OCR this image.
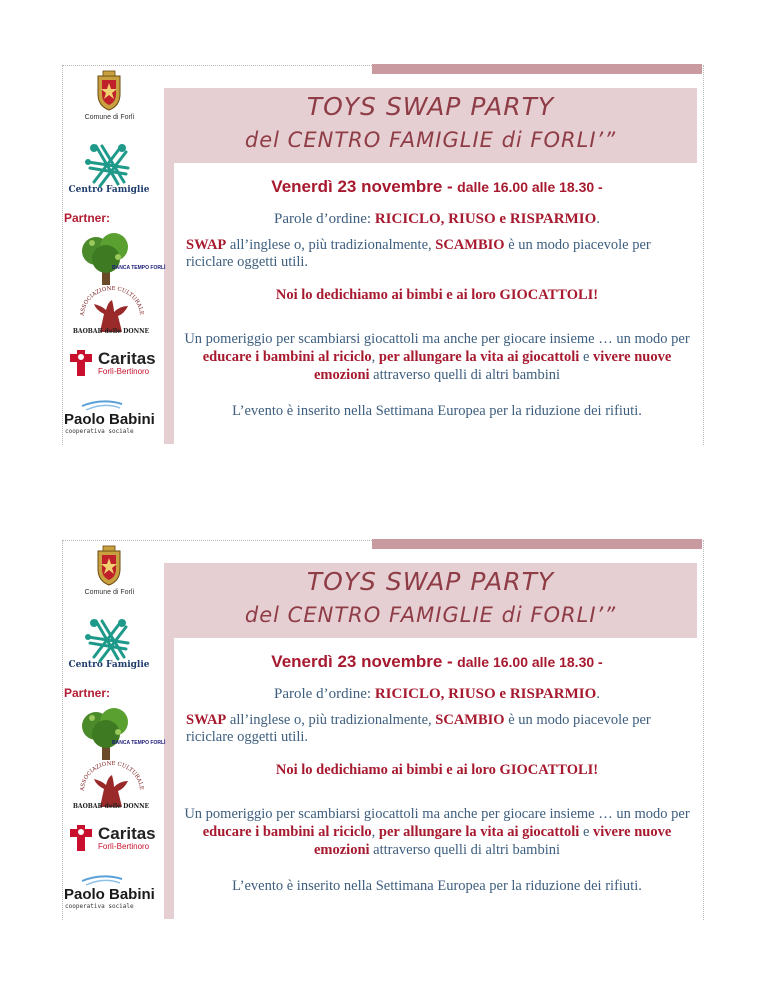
TOYS SWAP PARTY
del CENTRO FAMIGLIE di FORLI’”
Comune di Forlì
Centro Famiglie
Partner:
BANCA TEMPO FORLÌ
ASSOCIAZIONE CULTURALE
BAOBAB delle DONNE
Caritas
Forlì-Bertinoro
Paolo Babini
cooperativa sociale
Venerdì 23 novembre - dalle 16.00 alle 18.30 -
Parole d’ordine: RICICLO, RIUSO e RISPARMIO.
SWAP all’inglese o, più tradizionalmente, SCAMBIO è un modo piacevole per riciclare oggetti utili.
Noi lo dedichiamo ai bimbi e ai loro GIOCATTOLI!
Un pomeriggio per scambiarsi giocattoli ma anche per giocare insieme … un modo per educare i bambini al riciclo, per allungare la vita ai giocattoli e vivere nuove emozioni attraverso quelli di altri bambini
L’evento è inserito nella Settimana Europea per la riduzione dei rifiuti.
TOYS SWAP PARTY
del CENTRO FAMIGLIE di FORLI’”
Comune di Forlì
Centro Famiglie
Partner:
BANCA TEMPO FORLÌ
ASSOCIAZIONE CULTURALE
BAOBAB delle DONNE
Caritas
Forlì-Bertinoro
Paolo Babini
cooperativa sociale
Venerdì 23 novembre - dalle 16.00 alle 18.30 -
Parole d’ordine: RICICLO, RIUSO e RISPARMIO.
SWAP all’inglese o, più tradizionalmente, SCAMBIO è un modo piacevole per riciclare oggetti utili.
Noi lo dedichiamo ai bimbi e ai loro GIOCATTOLI!
Un pomeriggio per scambiarsi giocattoli ma anche per giocare insieme … un modo per educare i bambini al riciclo, per allungare la vita ai giocattoli e vivere nuove emozioni attraverso quelli di altri bambini
L’evento è inserito nella Settimana Europea per la riduzione dei rifiuti.
